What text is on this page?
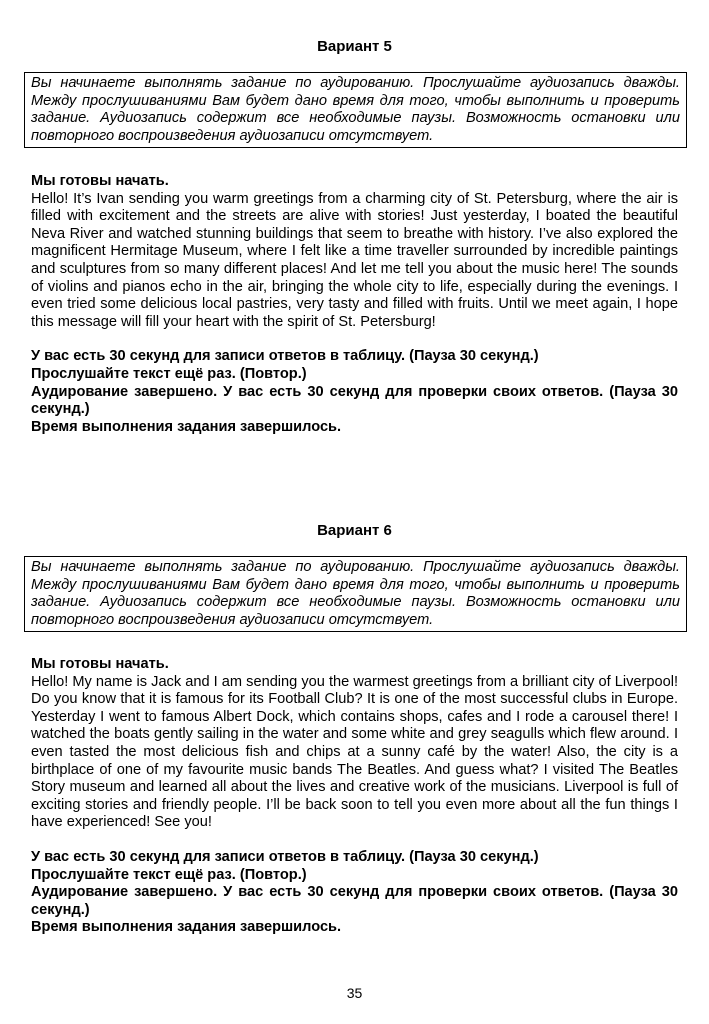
Вариант 5
Вы начинаете выполнять задание по аудированию. Прослушайте аудиозапись дважды. Между прослушиваниями Вам будет дано время для того, чтобы выполнить и проверить задание. Аудиозапись содержит все необходимые паузы. Возможность остановки или повторного воспроизведения аудиозаписи отсутствует.

Мы готовы начать.

Hello! It’s Ivan sending you warm greetings from a charming city of St. Petersburg, where the air is filled with excitement and the streets are alive with stories! Just yesterday, I boated the beautiful Neva River and watched stunning buildings that seem to breathe with history. I’ve also explored the magnificent Hermitage Museum, where I felt like a time traveller surrounded by incredible paintings and sculptures from so many different places! And let me tell you about the music here! The sounds of violins and pianos echo in the air, bringing the whole city to life, especially during the evenings. I even tried some delicious local pastries, very tasty and filled with fruits. Until we meet again, I hope this message will fill your heart with the spirit of St. Petersburg!

У вас есть 30 секунд для записи ответов в таблицу. (Пауза 30 секунд.)

Прослушайте текст ещё раз. (Повтор.)

Аудирование завершено. У вас есть 30 секунд для проверки своих ответов. (Пауза 30 секунд.)

Время выполнения задания завершилось.

Вариант 6
Вы начинаете выполнять задание по аудированию. Прослушайте аудиозапись дважды. Между прослушиваниями Вам будет дано время для того, чтобы выполнить и проверить задание. Аудиозапись содержит все необходимые паузы. Возможность остановки или повторного воспроизведения аудиозаписи отсутствует.

Мы готовы начать.

Hello! My name is Jack and I am sending you the warmest greetings from a brilliant city of Liverpool! Do you know that it is famous for its Football Club? It is one of the most successful clubs in Europe. Yesterday I went to famous Albert Dock, which contains shops, cafes and I rode a carousel there! I watched the boats gently sailing in the water and some white and grey seagulls which flew around. I even tasted the most delicious fish and chips at a sunny café by the water! Also, the city is a birthplace of one of my favourite music bands The Beatles. And guess what? I visited The Beatles Story museum and learned all about the lives and creative work of the musicians. Liverpool is full of exciting stories and friendly people. I’ll be back soon to tell you even more about all the fun things I have experienced! See you!

У вас есть 30 секунд для записи ответов в таблицу. (Пауза 30 секунд.)

Прослушайте текст ещё раз. (Повтор.)

Аудирование завершено. У вас есть 30 секунд для проверки своих ответов. (Пауза 30 секунд.)

Время выполнения задания завершилось.

35
